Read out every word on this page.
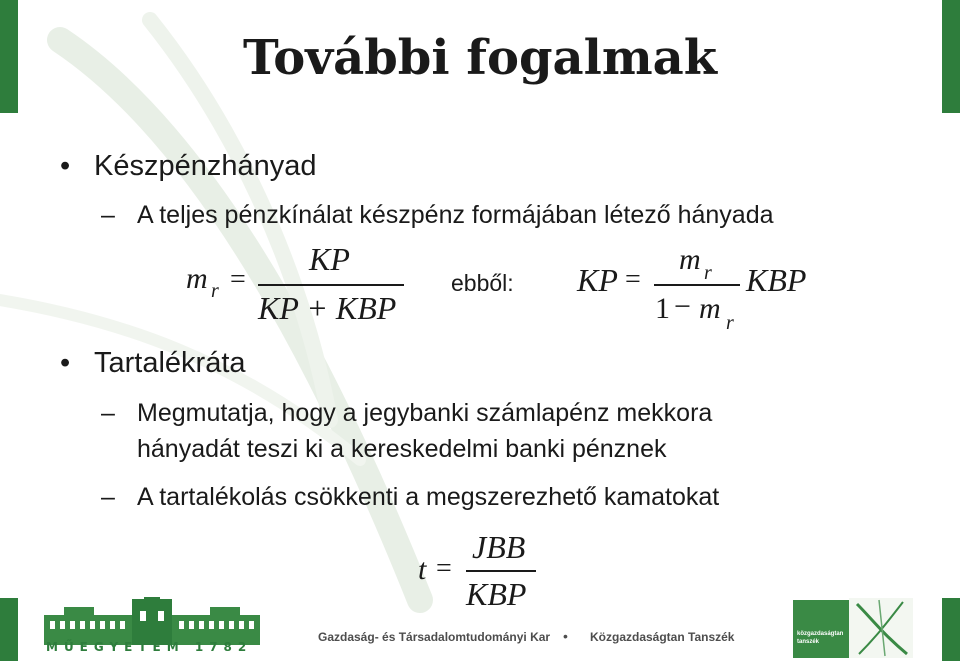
További fogalmak
• Készpénzhányad
– A teljes pénzkínálat készpénz formájában létező hányada
m r =
KP
KP + KBP
ebből: KP =
m r
1 − m r
KBP
• Tartalékráta
– Megmutatja, hogy a jegybanki számlapénz mekkora
hányadát teszi ki a kereskedelmi banki pénznek
– A tartalékolás csökkenti a megszerezhető kamatokat
t =
JBB
KBP
MŰEGYETEM 1782
Gazdaság- és Társadalomtudományi Kar • Közgazdaságtan Tanszék	közgazdaságtan tanszék
